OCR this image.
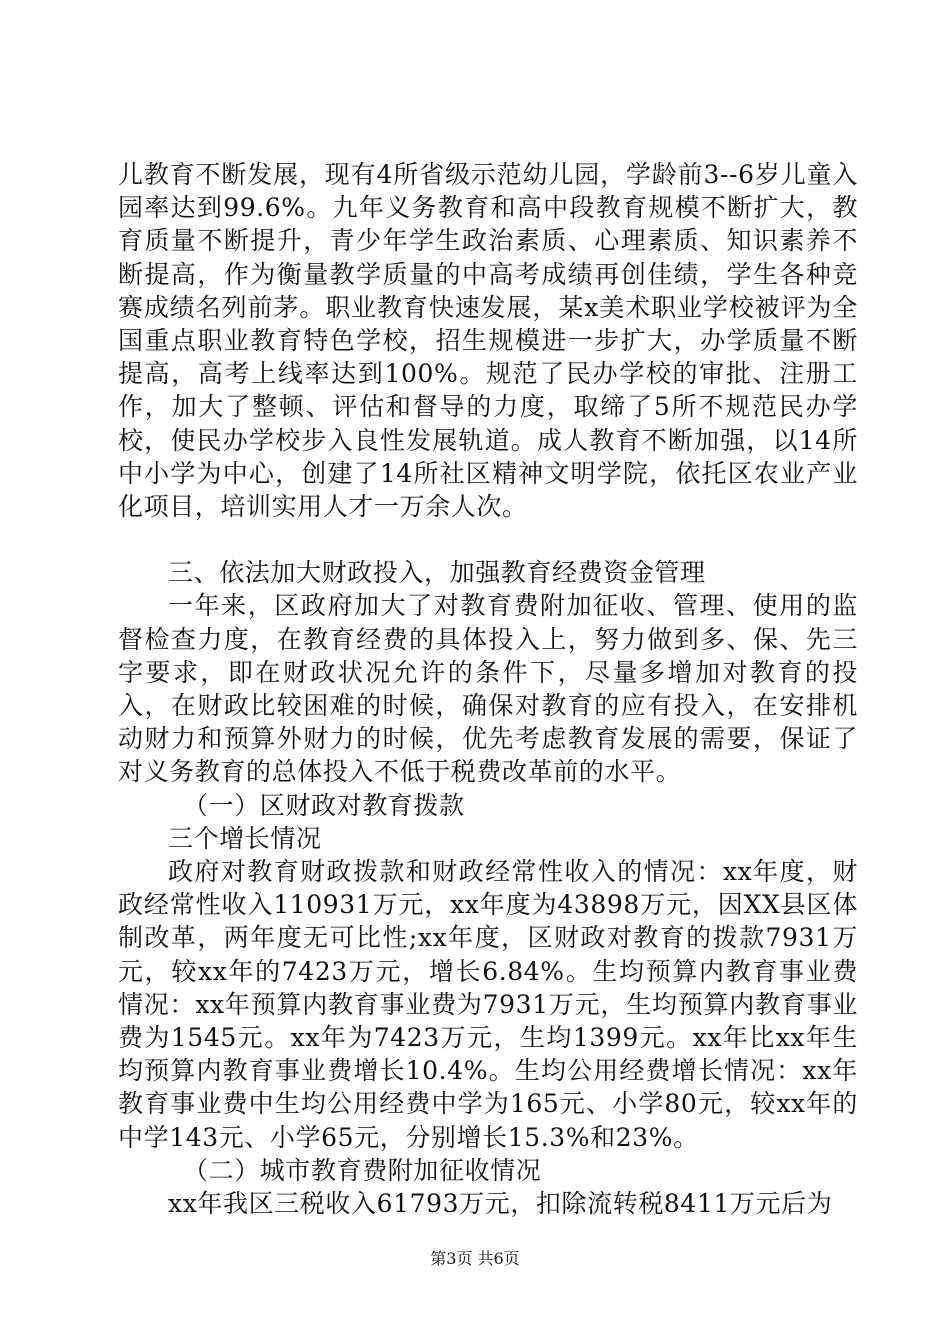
儿教育不断发展，现有4所省级示范幼儿园，学龄前3--6岁儿童入园率达到99.6%。九年义务教育和高中段教育规模不断扩大，教育质量不断提升，青少年学生政治素质、心理素质、知识素养不断提高，作为衡量教学质量的中高考成绩再创佳绩，学生各种竞赛成绩名列前茅。职业教育快速发展，某x美术职业学校被评为全国重点职业教育特色学校，招生规模进一步扩大，办学质量不断提高，高考上线率达到100%。规范了民办学校的审批、注册工作，加大了整顿、评估和督导的力度，取缔了5所不规范民办学校，使民办学校步入良性发展轨道。成人教育不断加强，以14所中小学为中心，创建了14所社区精神文明学院，依托区农业产业化项目，培训实用人才一万余人次。

三、依法加大财政投入，加强教育经费资金管理

一年来，区政府加大了对教育费附加征收、管理、使用的监督检查力度，在教育经费的具体投入上，努力做到多、保、先三字要求，即在财政状况允许的条件下，尽量多增加对教育的投入，在财政比较困难的时候，确保对教育的应有投入，在安排机动财力和预算外财力的时候，优先考虑教育发展的需要，保证了对义务教育的总体投入不低于税费改革前的水平。

（一）区财政对教育拨款

三个增长情况

政府对教育财政拨款和财政经常性收入的情况：xx年度，财政经常性收入110931万元，xx年度为43898万元，因XX县区体制改革，两年度无可比性;xx年度，区财政对教育的拨款7931万元，较xx年的7423万元，增长6.84%。生均预算内教育事业费情况：xx年预算内教育事业费为7931万元，生均预算内教育事业费为1545元。xx年为7423万元，生均1399元。xx年比xx年生均预算内教育事业费增长10.4%。生均公用经费增长情况：xx年教育事业费中生均公用经费中学为165元、小学80元，较xx年的中学143元、小学65元，分别增长15.3%和23%。

（二）城市教育费附加征收情况

xx年我区三税收入61793万元，扣除流转税8411万元后为

第3页 共6页
